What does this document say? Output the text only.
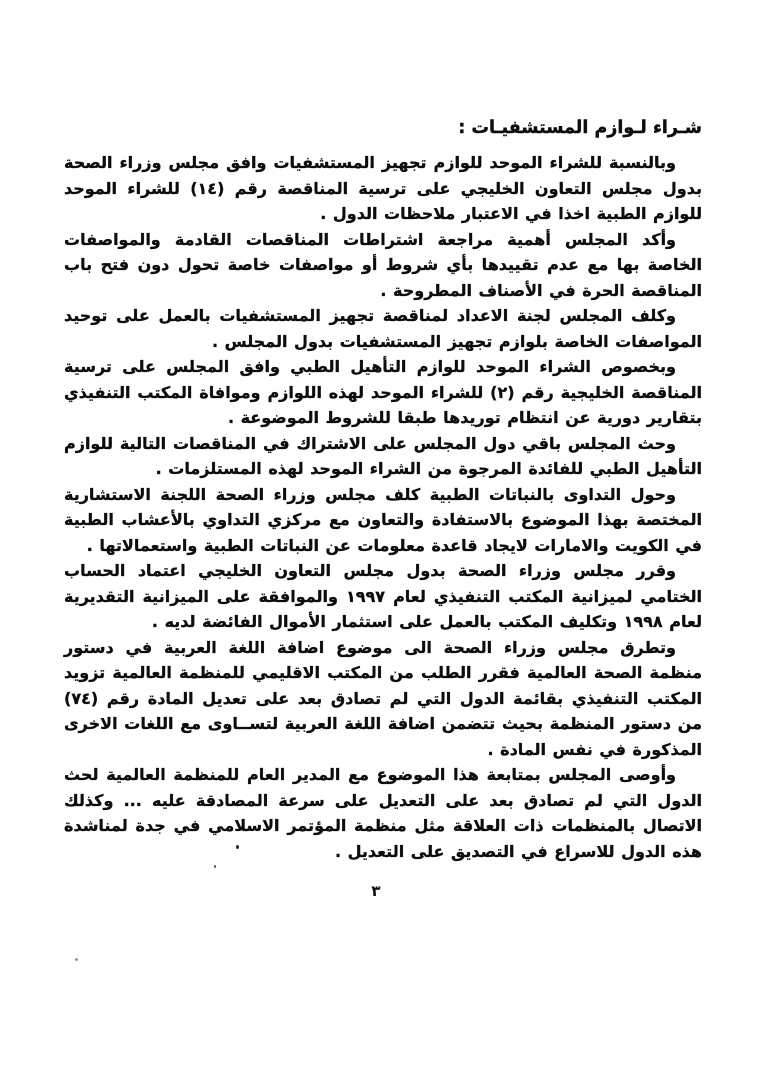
شـراء لـوازم المستشفيـات :

وبالنسبة للشراء الموحد للوازم تجهيز المستشفيات وافق مجلس وزراء الصحة بدول مجلس التعاون الخليجي على ترسية المناقصة رقم (١٤) للشراء الموحد للوازم الطبية اخذا في الاعتبار ملاحظات الدول .

وأكد المجلس أهمية مراجعة اشتراطات المناقصات القادمة والمواصفات الخاصة بها مع عدم تقييدها بأي شروط أو مواصفات خاصة تحول دون فتح باب المناقصة الحرة في الأصناف المطروحة .

وكلف المجلس لجنة الاعداد لمناقصة تجهيز المستشفيات بالعمل على توحيد المواصفات الخاصة بلوازم تجهيز المستشفيات بدول المجلس .

وبخصوص الشراء الموحد للوازم التأهيل الطبي وافق المجلس على ترسية المناقصة الخليجية رقم (٢) للشراء الموحد لهذه اللوازم وموافاة المكتب التنفيذي بتقارير دورية عن انتظام توريدها طبقا للشروط الموضوعة .

وحث المجلس باقي دول المجلس على الاشتراك في المناقصات التالية للوازم التأهيل الطبي للفائدة المرجوة من الشراء الموحد لهذه المستلزمات .

وحول التداوى بالنباتات الطبية كلف مجلس وزراء الصحة اللجنة الاستشارية المختصة بهذا الموضوع بالاستفادة والتعاون مع مركزي التداوي بالأعشاب الطبية في الكويت والامارات لايجاد قاعدة معلومات عن النباتات الطبية واستعمالاتها .

وقرر مجلس وزراء الصحة بدول مجلس التعاون الخليجي اعتماد الحساب الختامي لميزانية المكتب التنفيذي لعام ١٩٩٧ والموافقة على الميزانية التقديرية لعام ١٩٩٨ وتكليف المكتب بالعمل على استثمار الأموال الفائضة لديه .

وتطرق مجلس وزراء الصحة الى موضوع اضافة اللغة العربية في دستور منظمة الصحة العالمية فقرر الطلب من المكتب الاقليمي للمنظمة العالمية تزويد المكتب التنفيذي بقائمة الدول التي لم تصادق بعد على تعديل المادة رقم (٧٤) من دستور المنظمة بحيث تتضمن اضافة اللغة العربية لتســاوى مع اللغات الاخرى المذكورة في نفس المادة .

وأوصى المجلس بمتابعة هذا الموضوع مع المدير العام للمنظمة العالمية لحث الدول التي لم تصادق بعد على التعديل على سرعة المصادقة عليه ... وكذلك الاتصال بالمنظمات ذات العلاقة مثل منظمة المؤتمر الاسلامي في جدة لمناشدة هذه الدول للاسراع في التصديق على التعديل .

٣
